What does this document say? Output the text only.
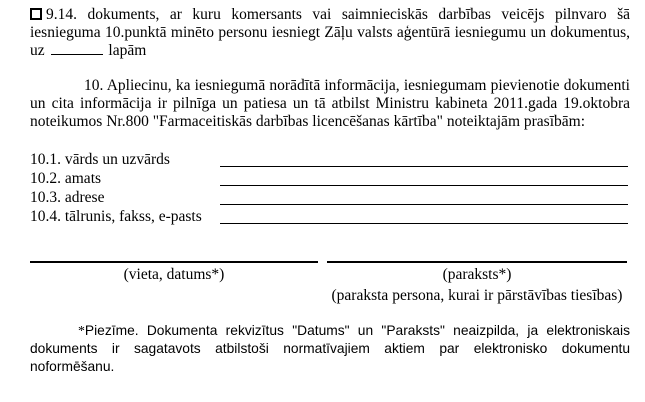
9.14. dokuments, ar kuru komersants vai saimnieciskās darbības veicējs pilnvaro šā iesnieguma 10.punktā minēto personu iesniegt Zāļu valsts aģentūrā iesniegumu un dokumentus, uz	lapām
10. Apliecinu, ka iesniegumā norādītā informācija, iesniegumam pievienotie dokumenti un cita informācija ir pilnīga un patiesa un tā atbilst Ministru kabineta 2011.gada 19.oktobra noteikumos Nr.800 "Farmaceitiskās darbības licencēšanas kārtība" noteiktajām prasībām:
10.1. vārds un uzvārds
10.2. amats
10.3. adrese
10.4. tālrunis, fakss, e-pasts
(vieta, datums*)	(paraksts*)
(paraksta persona, kurai ir pārstāvības tiesības)
*Piezīme. Dokumenta rekvizītus "Datums" un "Paraksts" neaizpilda, ja elektroniskais dokuments ir sagatavots atbilstoši normatīvajiem aktiem par elektronisko dokumentu noformēšanu.
